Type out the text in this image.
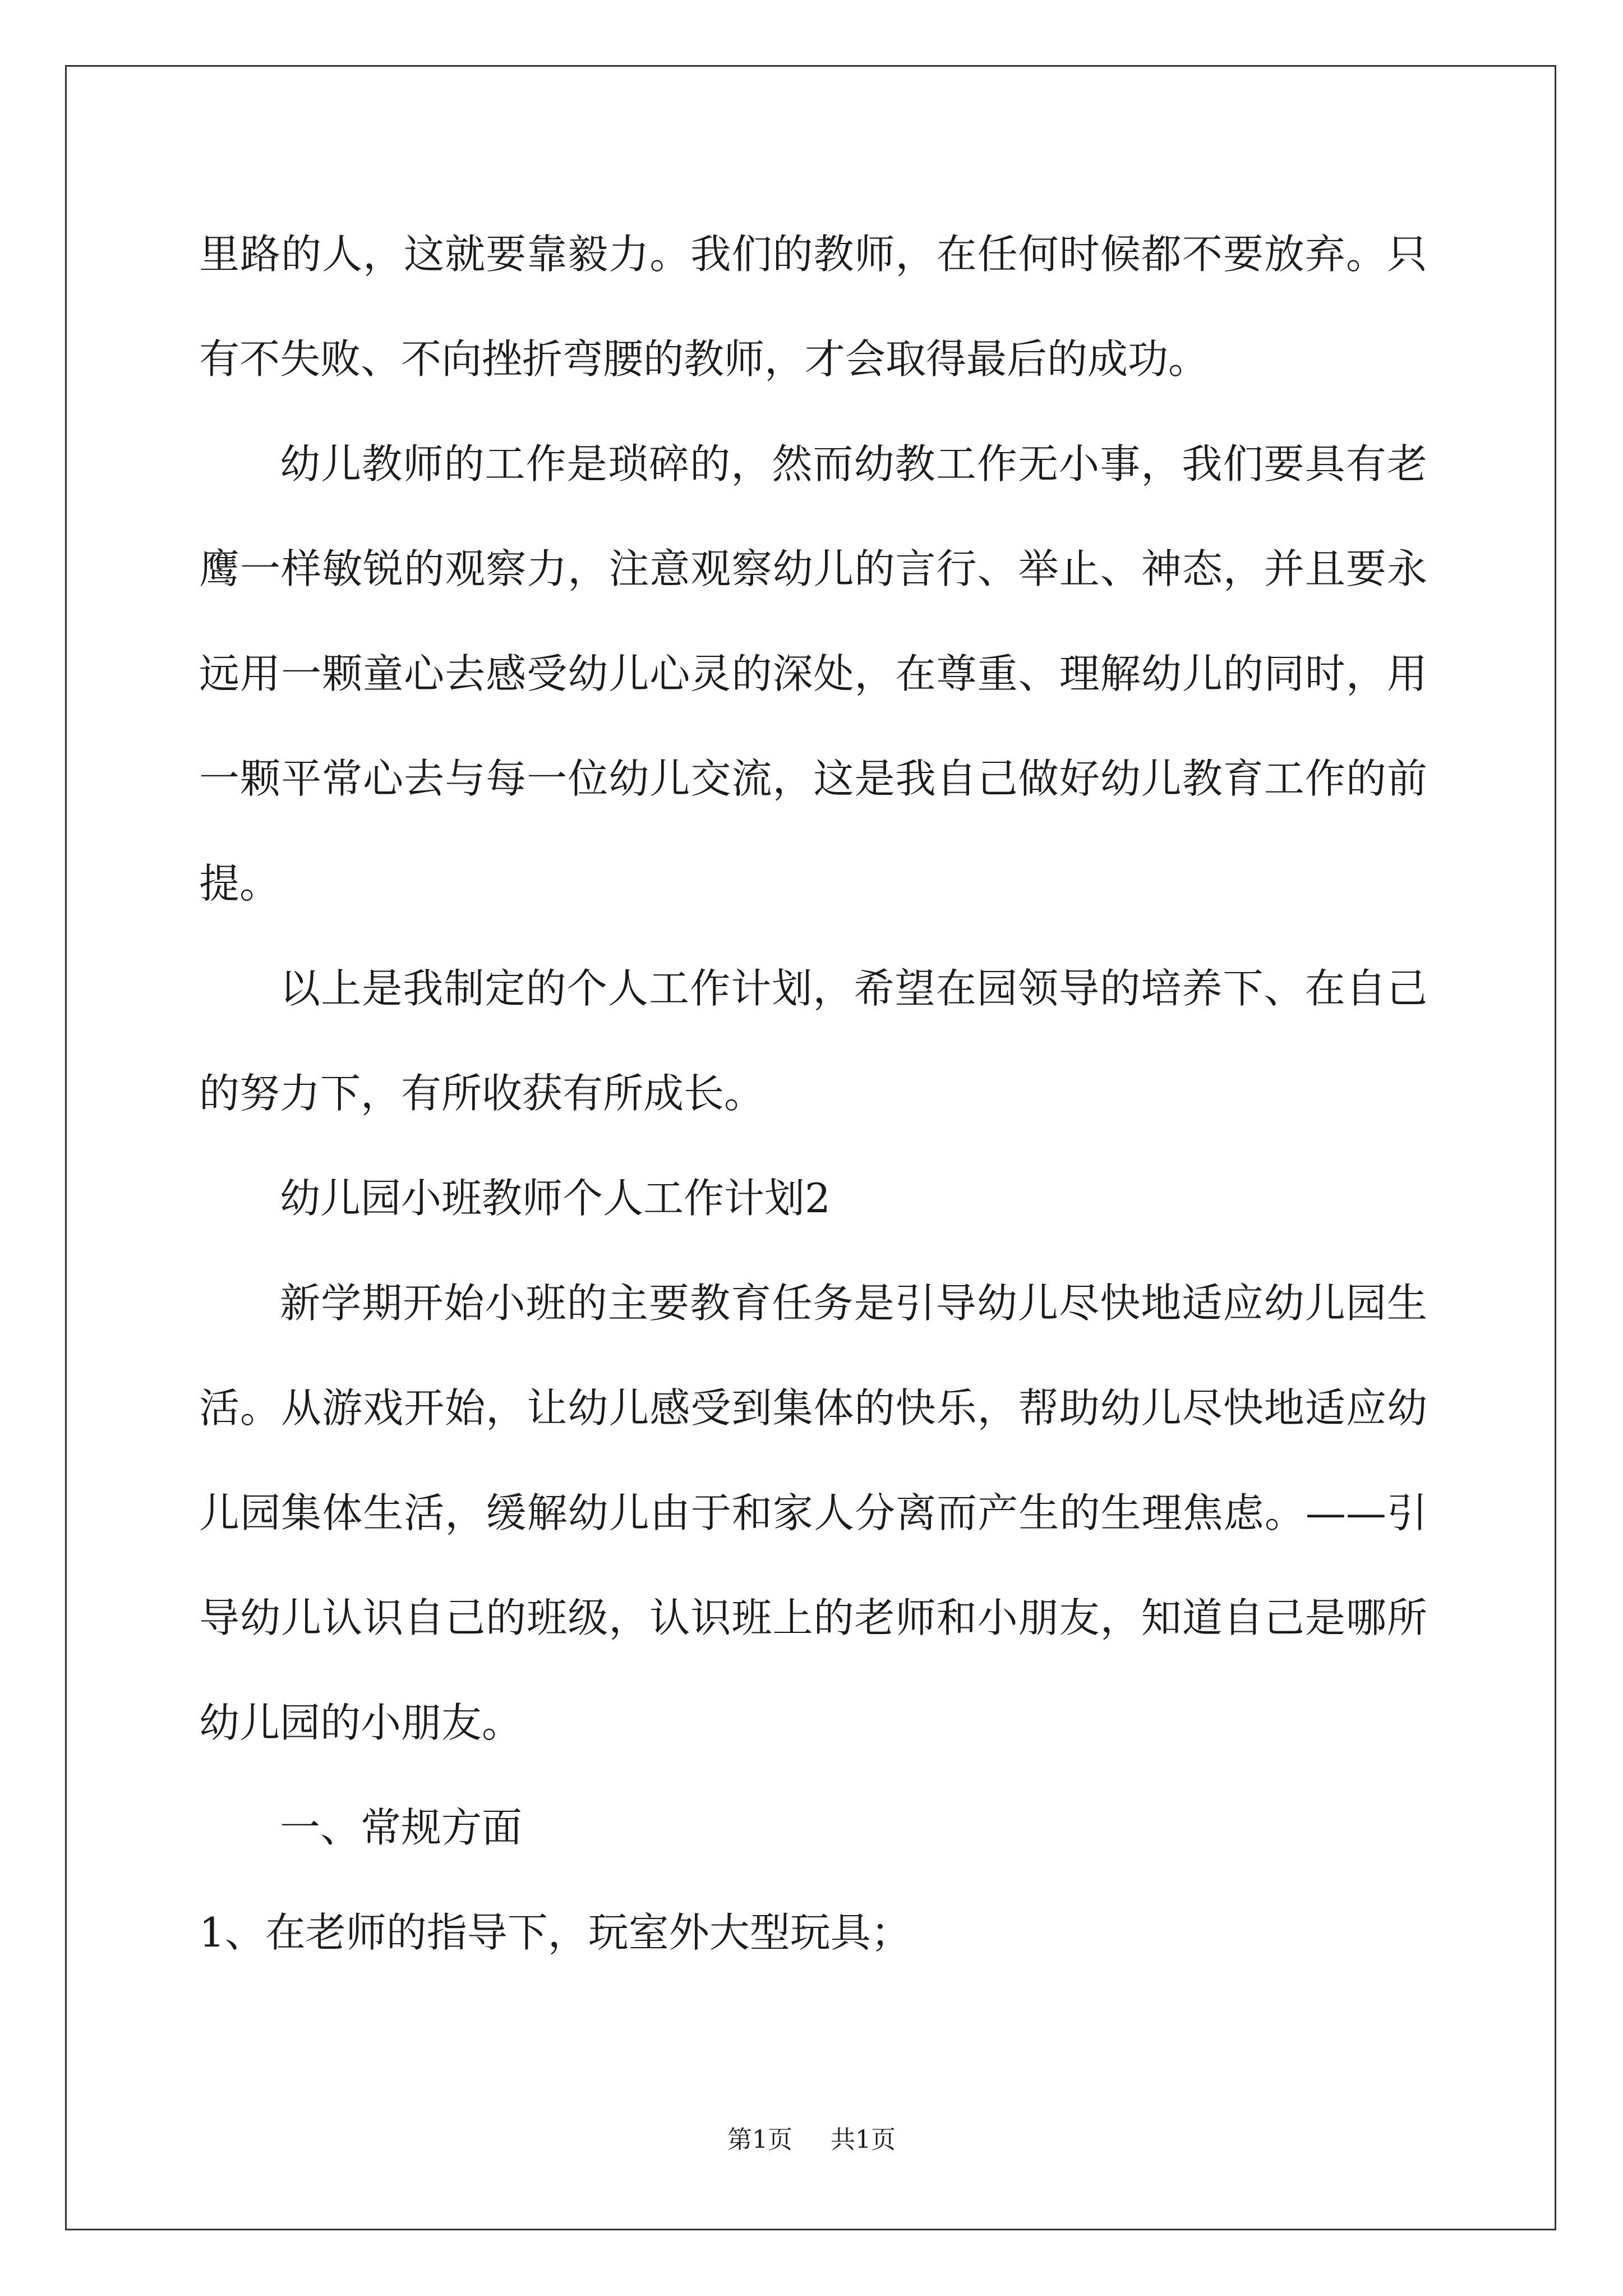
里路的人，这就要靠毅力。我们的教师，在任何时候都不要放弃。只有不失败、不向挫折弯腰的教师，才会取得最后的成功。

幼儿教师的工作是琐碎的，然而幼教工作无小事，我们要具有老鹰一样敏锐的观察力，注意观察幼儿的言行、举止、神态，并且要永远用一颗童心去感受幼儿心灵的深处，在尊重、理解幼儿的同时，用一颗平常心去与每一位幼儿交流，这是我自己做好幼儿教育工作的前提。

以上是我制定的个人工作计划，希望在园领导的培养下、在自己的努力下，有所收获有所成长。

幼儿园小班教师个人工作计划2

新学期开始小班的主要教育任务是引导幼儿尽快地适应幼儿园生活。从游戏开始，让幼儿感受到集体的快乐，帮助幼儿尽快地适应幼儿园集体生活，缓解幼儿由于和家人分离而产生的生理焦虑。——引导幼儿认识自己的班级，认识班上的老师和小朋友，知道自己是哪所幼儿园的小朋友。

一、常规方面

1、在老师的指导下，玩室外大型玩具；

第1页 共1页
